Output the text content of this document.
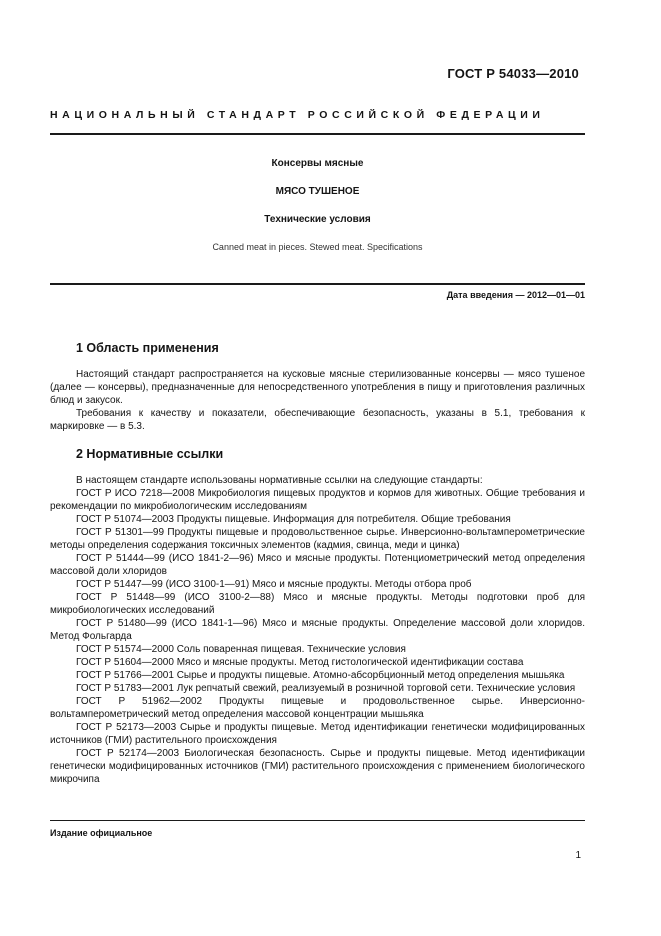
ГОСТ Р 54033—2010
НАЦИОНАЛЬНЫЙ СТАНДАРТ РОССИЙСКОЙ ФЕДЕРАЦИИ
Консервы мясные
МЯСО ТУШЕНОЕ
Технические условия
Canned meat in pieces. Stewed meat. Specifications
Дата введения — 2012—01—01
1 Область применения

Настоящий стандарт распространяется на кусковые мясные стерилизованные консервы — мясо тушеное (далее — консервы), предназначенные для непосредственного употребления в пищу и приготовления различных блюд и закусок.

Требования к качеству и показатели, обеспечивающие безопасность, указаны в 5.1, требования к маркировке — в 5.3.

2 Нормативные ссылки

В настоящем стандарте использованы нормативные ссылки на следующие стандарты:

ГОСТ Р ИСО 7218—2008 Микробиология пищевых продуктов и кормов для животных. Общие требования и рекомендации по микробиологическим исследованиям

ГОСТ Р 51074—2003 Продукты пищевые. Информация для потребителя. Общие требования

ГОСТ Р 51301—99 Продукты пищевые и продовольственное сырье. Инверсионно-вольтамперометрические методы определения содержания токсичных элементов (кадмия, свинца, меди и цинка)

ГОСТ Р 51444—99 (ИСО 1841-2—96) Мясо и мясные продукты. Потенциометрический метод определения массовой доли хлоридов

ГОСТ Р 51447—99 (ИСО 3100-1—91) Мясо и мясные продукты. Методы отбора проб

ГОСТ Р 51448—99 (ИСО 3100-2—88) Мясо и мясные продукты. Методы подготовки проб для микробиологических исследований

ГОСТ Р 51480—99 (ИСО 1841-1—96) Мясо и мясные продукты. Определение массовой доли хлоридов. Метод Фольгарда

ГОСТ Р 51574—2000 Соль поваренная пищевая. Технические условия

ГОСТ Р 51604—2000 Мясо и мясные продукты. Метод гистологической идентификации состава

ГОСТ Р 51766—2001 Сырье и продукты пищевые. Атомно-абсорбционный метод определения мышьяка

ГОСТ Р 51783—2001 Лук репчатый свежий, реализуемый в розничной торговой сети. Технические условия

ГОСТ Р 51962—2002 Продукты пищевые и продовольственное сырье. Инверсионно-вольтамперометрический метод определения массовой концентрации мышьяка

ГОСТ Р 52173—2003 Сырье и продукты пищевые. Метод идентификации генетически модифицированных источников (ГМИ) растительного происхождения

ГОСТ Р 52174—2003 Биологическая безопасность. Сырье и продукты пищевые. Метод идентификации генетически модифицированных источников (ГМИ) растительного происхождения с применением биологического микрочипа

Издание официальное
1
